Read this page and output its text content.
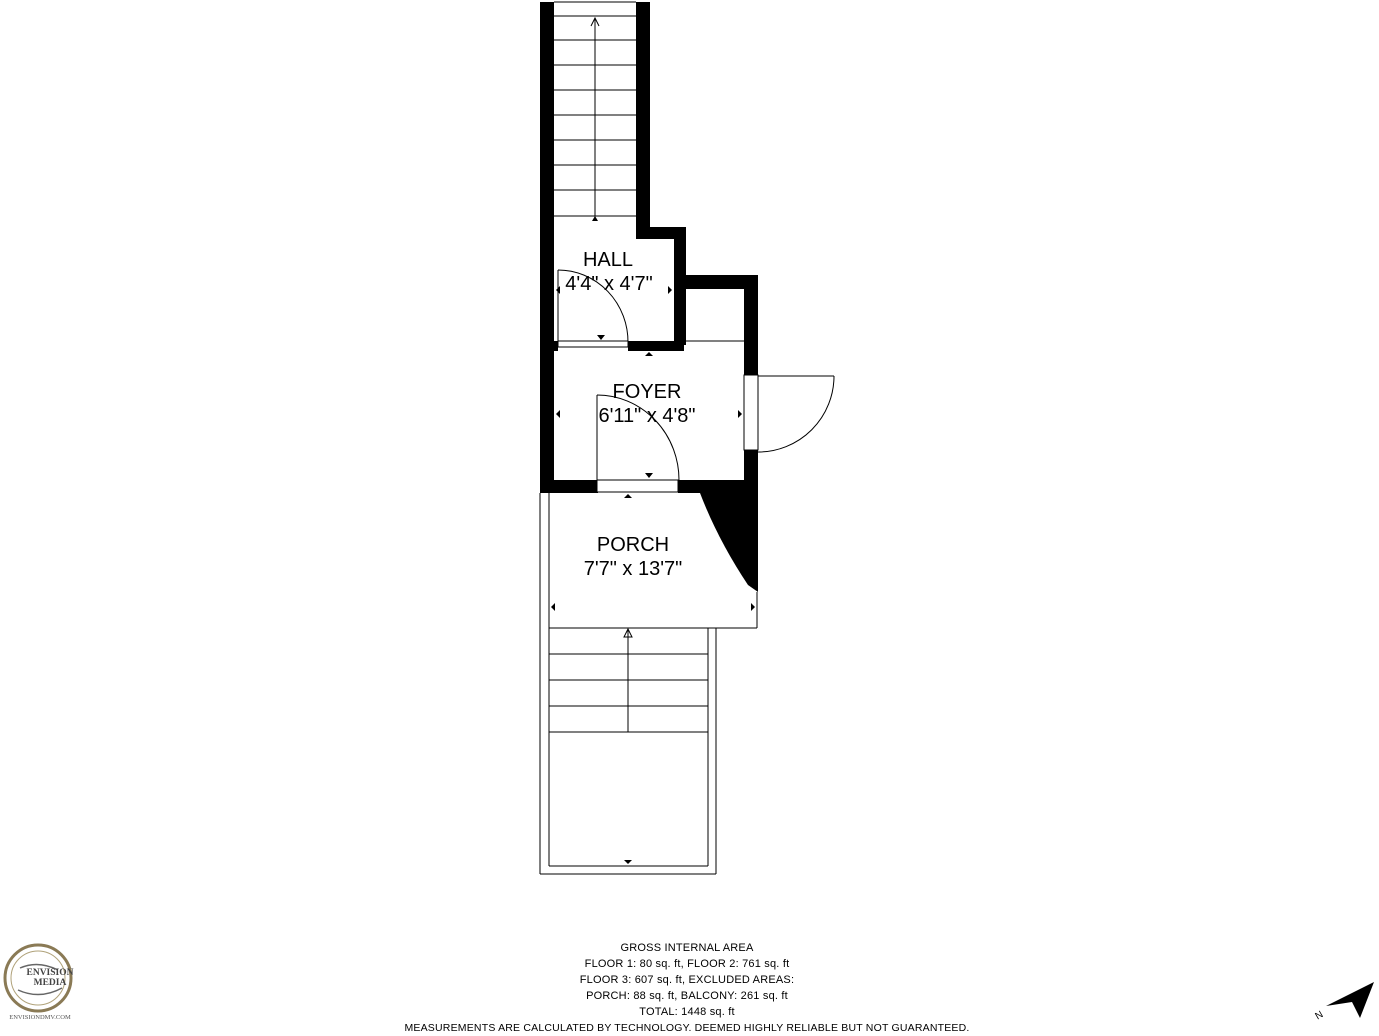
HALL
4'4" x 4'7"
FOYER
6'11" x 4'8"
PORCH
7'7" x 13'7"
ENVISION
MEDIA
ENVISIONDMV.COM
GROSS INTERNAL AREA
FLOOR 1: 80 sq. ft, FLOOR 2: 761 sq. ft
FLOOR 3: 607 sq. ft, EXCLUDED AREAS:
PORCH: 88 sq. ft, BALCONY: 261 sq. ft
TOTAL: 1448 sq. ft
MEASUREMENTS ARE CALCULATED BY TECHNOLOGY. DEEMED HIGHLY RELIABLE BUT NOT GUARANTEED.
N
